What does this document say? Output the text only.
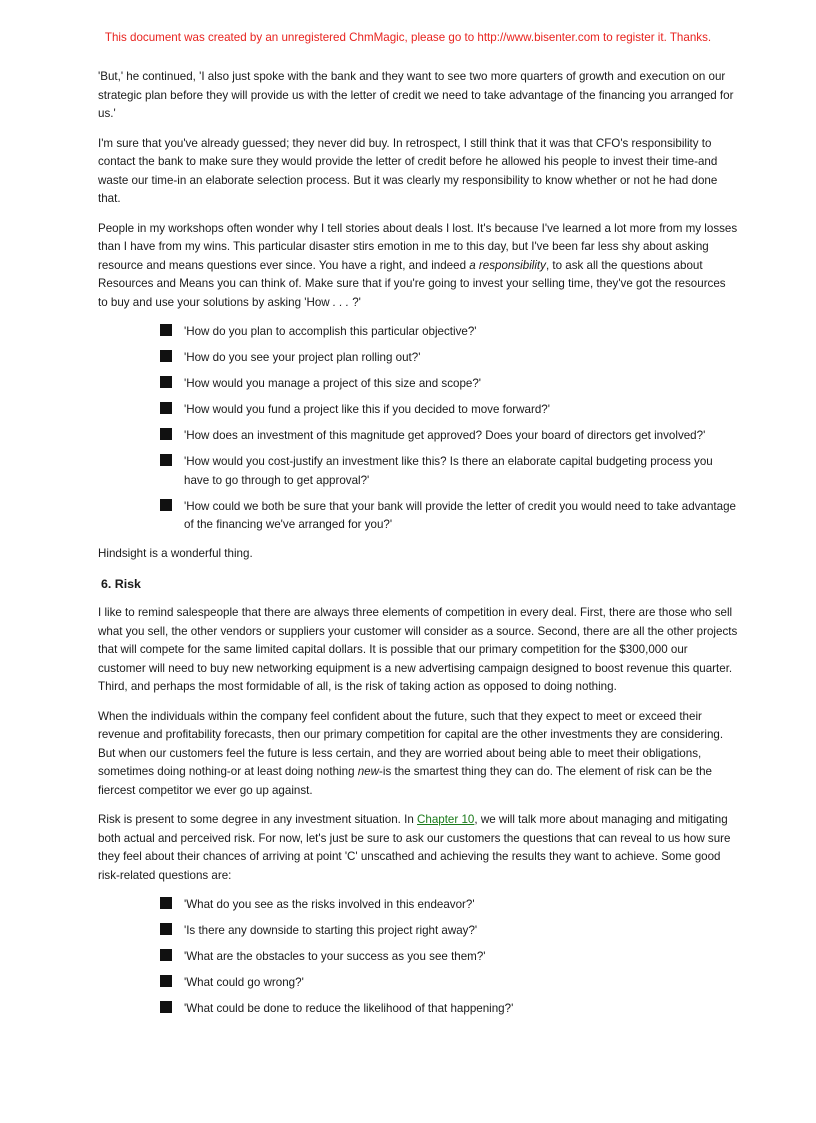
This document was created by an unregistered ChmMagic, please go to http://www.bisenter.com to register it. Thanks.

'But,' he continued, 'I also just spoke with the bank and they want to see two more quarters of growth and execution on our strategic plan before they will provide us with the letter of credit we need to take advantage of the financing you arranged for us.'

I'm sure that you've already guessed; they never did buy. In retrospect, I still think that it was that CFO's responsibility to contact the bank to make sure they would provide the letter of credit before he allowed his people to invest their time-and waste our time-in an elaborate selection process. But it was clearly my responsibility to know whether or not he had done that.

People in my workshops often wonder why I tell stories about deals I lost. It's because I've learned a lot more from my losses than I have from my wins. This particular disaster stirs emotion in me to this day, but I've been far less shy about asking resource and means questions ever since. You have a right, and indeed a responsibility, to ask all the questions about Resources and Means you can think of. Make sure that if you're going to invest your selling time, they've got the resources to buy and use your solutions by asking 'How . . . ?'

'How do you plan to accomplish this particular objective?'
'How do you see your project plan rolling out?'
'How would you manage a project of this size and scope?'
'How would you fund a project like this if you decided to move forward?'
'How does an investment of this magnitude get approved? Does your board of directors get involved?'
'How would you cost-justify an investment like this? Is there an elaborate capital budgeting process you have to go through to get approval?'
'How could we both be sure that your bank will provide the letter of credit you would need to take advantage of the financing we've arranged for you?'

Hindsight is a wonderful thing.

6. Risk

I like to remind salespeople that there are always three elements of competition in every deal. First, there are those who sell what you sell, the other vendors or suppliers your customer will consider as a source. Second, there are all the other projects that will compete for the same limited capital dollars. It is possible that our primary competition for the $300,000 our customer will need to buy new networking equipment is a new advertising campaign designed to boost revenue this quarter. Third, and perhaps the most formidable of all, is the risk of taking action as opposed to doing nothing.

When the individuals within the company feel confident about the future, such that they expect to meet or exceed their revenue and profitability forecasts, then our primary competition for capital are the other investments they are considering. But when our customers feel the future is less certain, and they are worried about being able to meet their obligations, sometimes doing nothing-or at least doing nothing new-is the smartest thing they can do. The element of risk can be the fiercest competitor we ever go up against.

Risk is present to some degree in any investment situation. In Chapter 10, we will talk more about managing and mitigating both actual and perceived risk. For now, let's just be sure to ask our customers the questions that can reveal to us how sure they feel about their chances of arriving at point 'C' unscathed and achieving the results they want to achieve. Some good risk-related questions are:

'What do you see as the risks involved in this endeavor?'
'Is there any downside to starting this project right away?'
'What are the obstacles to your success as you see them?'
'What could go wrong?'
'What could be done to reduce the likelihood of that happening?'
